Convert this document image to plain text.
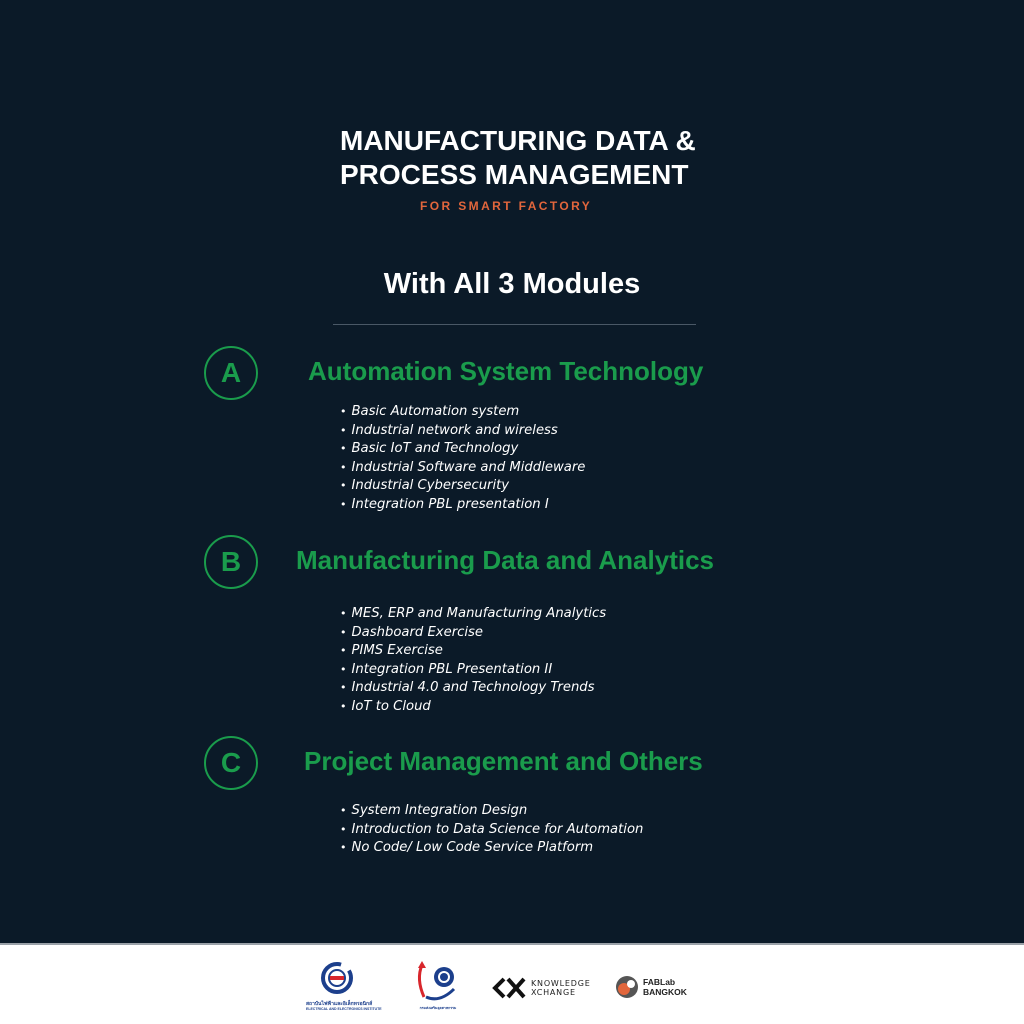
MANUFACTURING DATA &
PROCESS MANAGEMENT
FOR SMART FACTORY
With All 3 Modules
A	Automation System Technology
• Basic Automation system
• Industrial network and wireless
• Basic IoT and Technology
• Industrial Software and Middleware
• Industrial Cybersecurity
• Integration PBL presentation I
B	Manufacturing Data and Analytics
• MES, ERP and Manufacturing Analytics
• Dashboard Exercise
• PIMS Exercise
• Integration PBL Presentation II
• Industrial 4.0 and Technology Trends
• IoT to Cloud
C	Project Management and Others
• System Integration Design
• Introduction to Data Science for Automation
• No Code/ Low Code Service Platform
สถาบันไฟฟ้าและอิเล็กทรอนิกส์
ELECTRICAL AND ELECTRONICS INSTITUTE	กรมส่งเสริมอุตสาหกรรม
KNOWLEDGE
XCHANGE
FABLab
BANGKOK
